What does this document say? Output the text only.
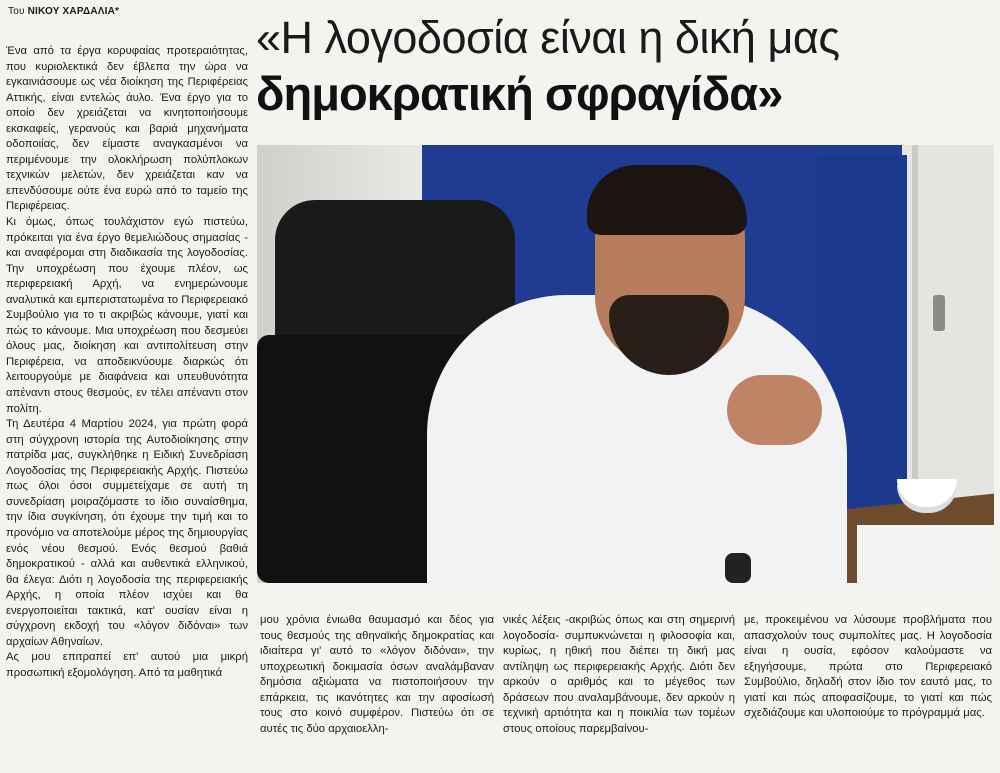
Του ΝΙΚΟΥ ΧΑΡΔΑΛΙΑ*
«Η λογοδοσία είναι η δική μας
δημοκρατική σφραγίδα»

Ένα από τα έργα κορυφαίας προτεραιότητας, που κυριολεκτικά δεν έβλεπα την ώρα να εγκαινιάσουμε ως νέα διοίκηση της Περιφέρειας Αττικής, είναι εντελώς άυλο. Ένα έργο για το οποίο δεν χρειάζεται να κινητοποιήσουμε εκσκαφείς, γερανούς και βαριά μηχανήματα οδοποιίας, δεν είμαστε αναγκασμένοι να περιμένουμε την ολοκλήρωση πολύπλοκων τεχνικών μελετών, δεν χρειάζεται καν να επενδύσουμε ούτε ένα ευρώ από το ταμείο της Περιφέρειας.

Κι όμως, όπως τουλάχιστον εγώ πιστεύω, πρόκειται για ένα έργο θεμελιώδους σημασίας - και αναφέρομαι στη διαδικασία της λογοδοσίας. Την υποχρέωση που έχουμε πλέον, ως περιφερειακή Αρχή, να ενημερώνουμε αναλυτικά και εμπεριστατωμένα το Περιφερειακό Συμβούλιο για το τι ακριβώς κάνουμε, γιατί και πώς το κάνουμε. Μια υποχρέωση που δεσμεύει όλους μας, διοίκηση και αντιπολίτευση στην Περιφέρεια, να αποδεικνύουμε διαρκώς ότι λειτουργούμε με διαφάνεια και υπευθυνότητα απέναντι στους θεσμούς, εν τέλει απέναντι στον πολίτη.

Τη Δευτέρα 4 Μαρτίου 2024, για πρώτη φορά στη σύγχρονη ιστορία της Αυτοδιοίκησης στην πατρίδα μας, συγκλήθηκε η Ειδική Συνεδρίαση Λογοδοσίας της Περιφερειακής Αρχής. Πιστεύω πως όλοι όσοι συμμετείχαμε σε αυτή τη συνεδρίαση μοιραζόμαστε το ίδιο συναίσθημα, την ίδια συγκίνηση, ότι έχουμε την τιμή και το προνόμιο να αποτελούμε μέρος της δημιουργίας ενός νέου θεσμού. Ενός θεσμού βαθιά δημοκρατικού - αλλά και αυθεντικά ελληνικού, θα έλεγα: Διότι η λογοδοσία της περιφερειακής Αρχής, η οποία πλέον ισχύει και θα ενεργοποιείται τακτικά, κατ' ουσίαν είναι η σύγχρονη εκδοχή του «λόγον διδόναι» των αρχαίων Αθηναίων.

Ας μου επιτραπεί επ' αυτού μια μικρή προσωπική εξομολόγηση. Από τα μαθητικά

μου χρόνια ένιωθα θαυμασμό και δέος για τους θεσμούς της αθηναϊκής δημοκρατίας και ιδιαίτερα γι' αυτό το «λόγον διδόναι», την υποχρεωτική δοκιμασία όσων αναλάμβαναν δημόσια αξιώματα να πιστοποιήσουν την επάρκεια, τις ικανότητες και την αφοσίωσή τους στο κοινό συμφέρον. Πιστεύω ότι σε αυτές τις δύο αρχαιοελλη-

νικές λέξεις -ακριβώς όπως και στη σημερινή λογοδοσία- συμπυκνώνεται η φιλοσοφία και, κυρίως, η ηθική που διέπει τη δική μας αντίληψη ως περιφερειακής Αρχής. Διότι δεν αρκούν ο αριθμός και το μέγεθος των δράσεων που αναλαμβάνουμε, δεν αρκούν η τεχνική αρτιότητα και η ποικιλία των τομέων στους οποίους παρεμβαίνου-

με, προκειμένου να λύσουμε προβλήματα που απασχολούν τους συμπολίτες μας. Η λογοδοσία είναι η ουσία, εφόσον καλούμαστε να εξηγήσουμε, πρώτα στο Περιφερειακό Συμβούλιο, δηλαδή στον ίδιο τον εαυτό μας, το γιατί και πώς αποφασίζουμε, το γιατί και πώς σχεδιάζουμε και υλοποιούμε το πρόγραμμά μας.
